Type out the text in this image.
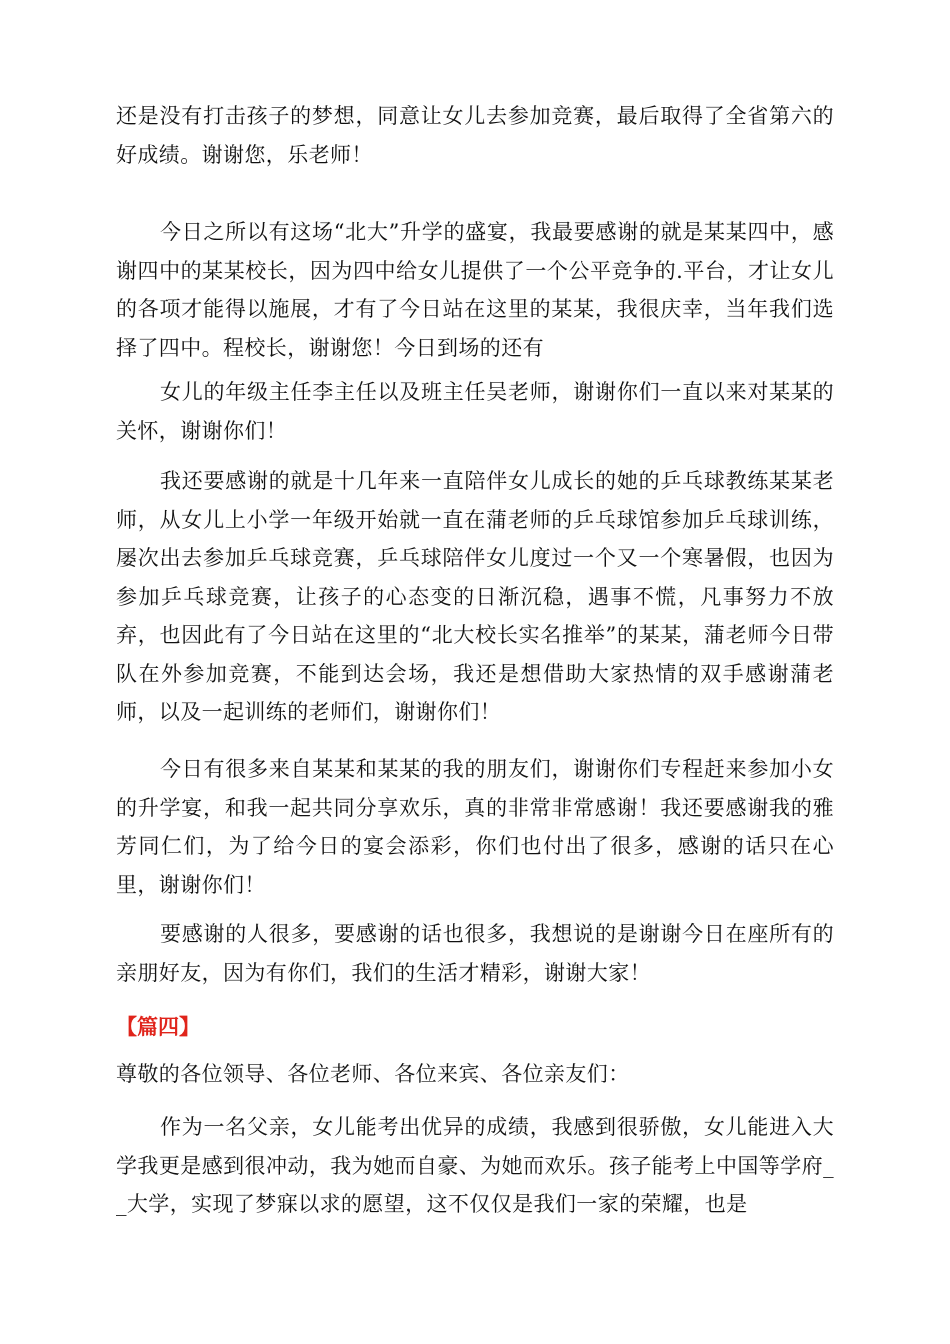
还是没有打击孩子的梦想，同意让女儿去参加竞赛，最后取得了全省第六的好成绩。谢谢您，乐老师！

今日之所以有这场“北大”升学的盛宴，我最要感谢的就是某某四中，感谢四中的某某校长，因为四中给女儿提供了一个公平竞争的.平台，才让女儿的各项才能得以施展，才有了今日站在这里的某某，我很庆幸，当年我们选择了四中。程校长，谢谢您！今日到场的还有

女儿的年级主任李主任以及班主任吴老师，谢谢你们一直以来对某某的关怀，谢谢你们！

我还要感谢的就是十几年来一直陪伴女儿成长的她的乒乓球教练某某老师，从女儿上小学一年级开始就一直在蒲老师的乒乓球馆参加乒乓球训练，屡次出去参加乒乓球竞赛，乒乓球陪伴女儿度过一个又一个寒暑假，也因为参加乒乓球竞赛，让孩子的心态变的日渐沉稳，遇事不慌，凡事努力不放弃，也因此有了今日站在这里的“北大校长实名推举”的某某，蒲老师今日带队在外参加竞赛，不能到达会场，我还是想借助大家热情的双手感谢蒲老师，以及一起训练的老师们，谢谢你们！

今日有很多来自某某和某某的我的朋友们，谢谢你们专程赶来参加小女的升学宴，和我一起共同分享欢乐，真的非常非常感谢！我还要感谢我的雅芳同仁们，为了给今日的宴会添彩，你们也付出了很多，感谢的话只在心里，谢谢你们！

要感谢的人很多，要感谢的话也很多，我想说的是谢谢今日在座所有的亲朋好友，因为有你们，我们的生活才精彩，谢谢大家！

【篇四】

尊敬的各位领导、各位老师、各位来宾、各位亲友们：

作为一名父亲，女儿能考出优异的成绩，我感到很骄傲，女儿能进入大学我更是感到很冲动，我为她而自豪、为她而欢乐。孩子能考上中国等学府__大学，实现了梦寐以求的愿望，这不仅仅是我们一家的荣耀，也是
